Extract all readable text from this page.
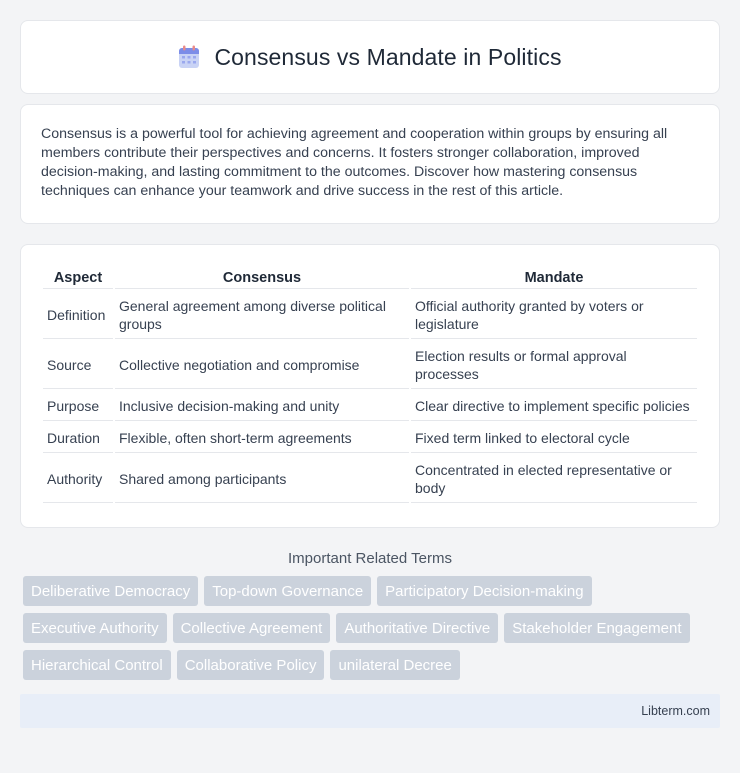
Consensus vs Mandate in Politics

Consensus is a powerful tool for achieving agreement and cooperation within groups by ensuring all members contribute their perspectives and concerns. It fosters stronger collaboration, improved decision-making, and lasting commitment to the outcomes. Discover how mastering consensus techniques can enhance your teamwork and drive success in the rest of this article.

Aspect	Consensus	Mandate
Definition	General agreement among diverse political groups	Official authority granted by voters or legislature
Source	Collective negotiation and compromise	Election results or formal approval processes
Purpose	Inclusive decision-making and unity	Clear directive to implement specific policies
Duration	Flexible, often short-term agreements	Fixed term linked to electoral cycle
Authority	Shared among participants	Concentrated in elected representative or body
Important Related Terms
Deliberative Democracy	Top-down Governance	Participatory Decision-making
Executive Authority	Collective Agreement	Authoritative Directive	Stakeholder Engagement
Hierarchical Control	Collaborative Policy	unilateral Decree
Libterm.com
